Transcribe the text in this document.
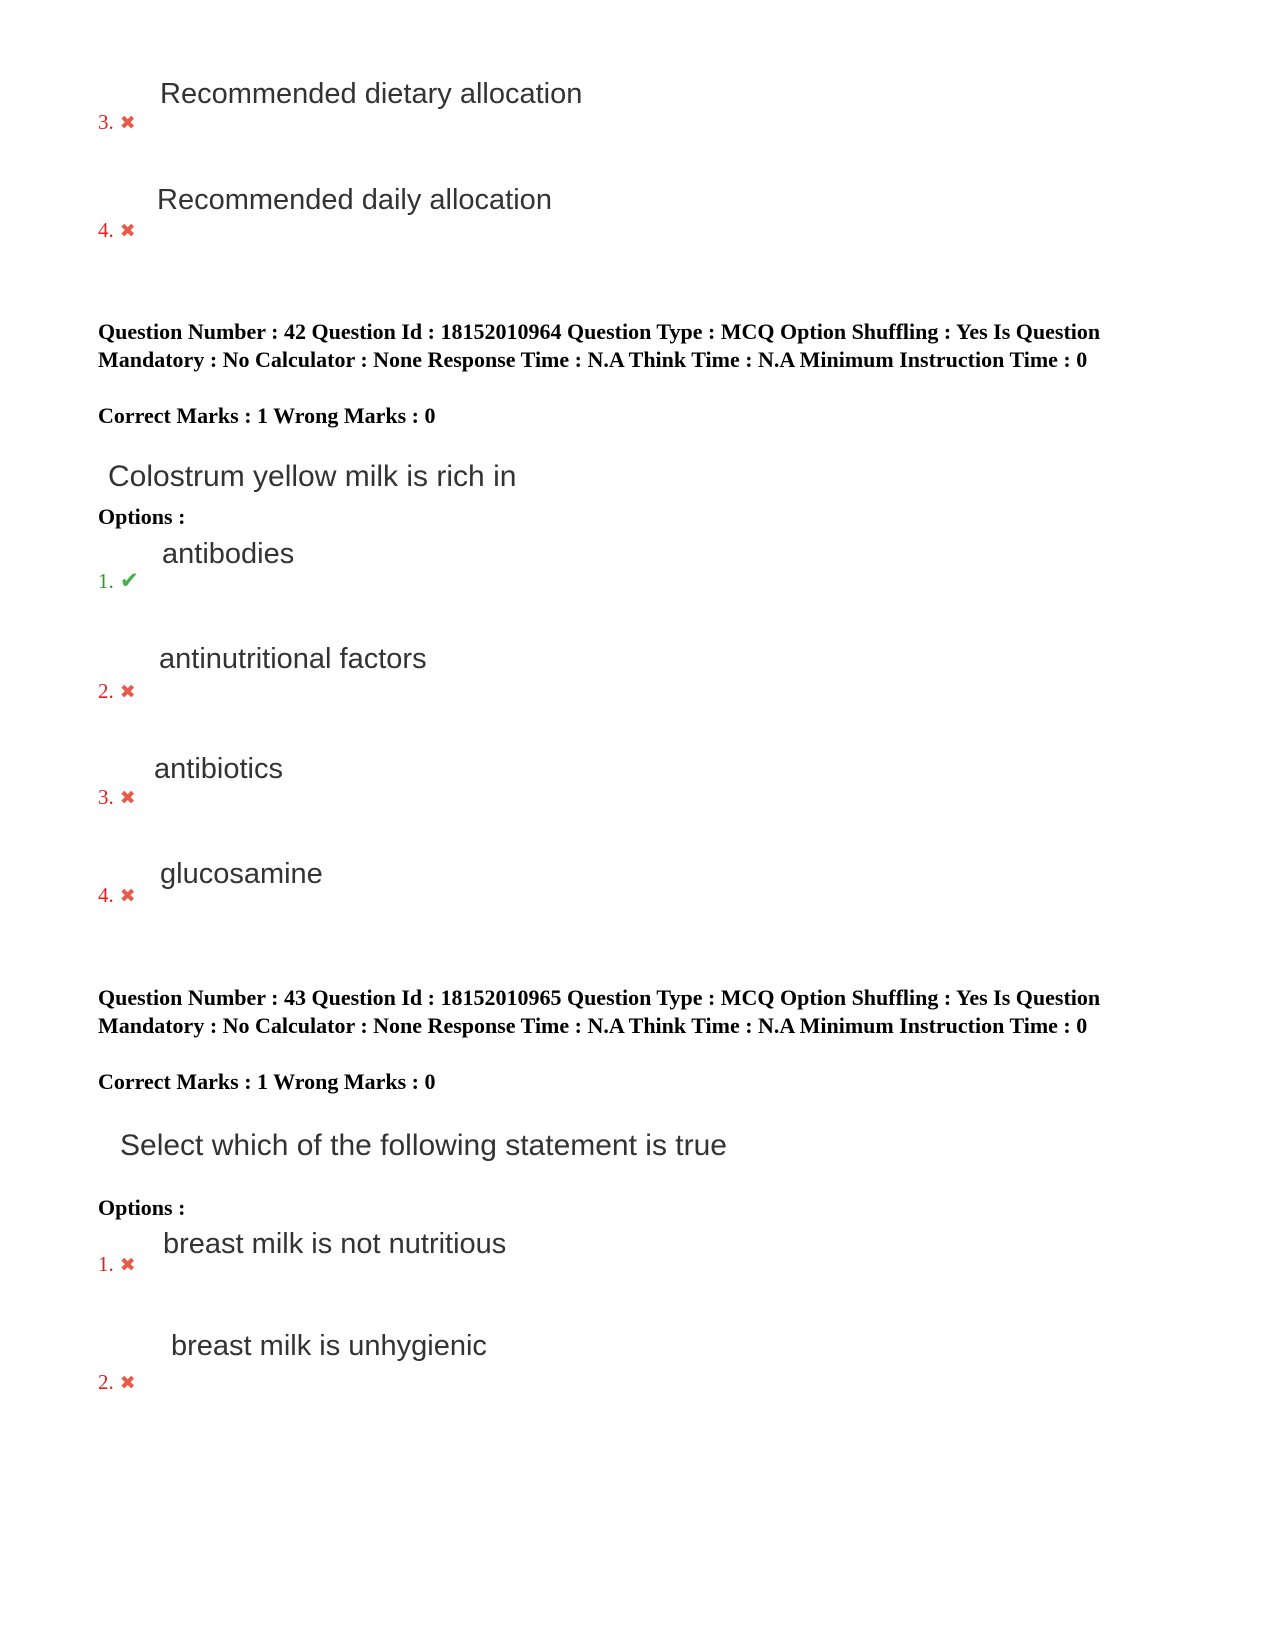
Recommended dietary allocation
3. ✖
Recommended daily allocation
4. ✖
Question Number : 42 Question Id : 18152010964 Question Type : MCQ Option Shuffling : Yes Is Question Mandatory : No Calculator : None Response Time : N.A Think Time : N.A Minimum Instruction Time : 0
Correct Marks : 1 Wrong Marks : 0
Colostrum yellow milk is rich in
Options :
antibodies
1. ✔
antinutritional factors
2. ✖
antibiotics
3. ✖
glucosamine
4. ✖
Question Number : 43 Question Id : 18152010965 Question Type : MCQ Option Shuffling : Yes Is Question Mandatory : No Calculator : None Response Time : N.A Think Time : N.A Minimum Instruction Time : 0
Correct Marks : 1 Wrong Marks : 0
Select which of the following statement is true
Options :
breast milk is not nutritious
1. ✖
breast milk is unhygienic
2. ✖
